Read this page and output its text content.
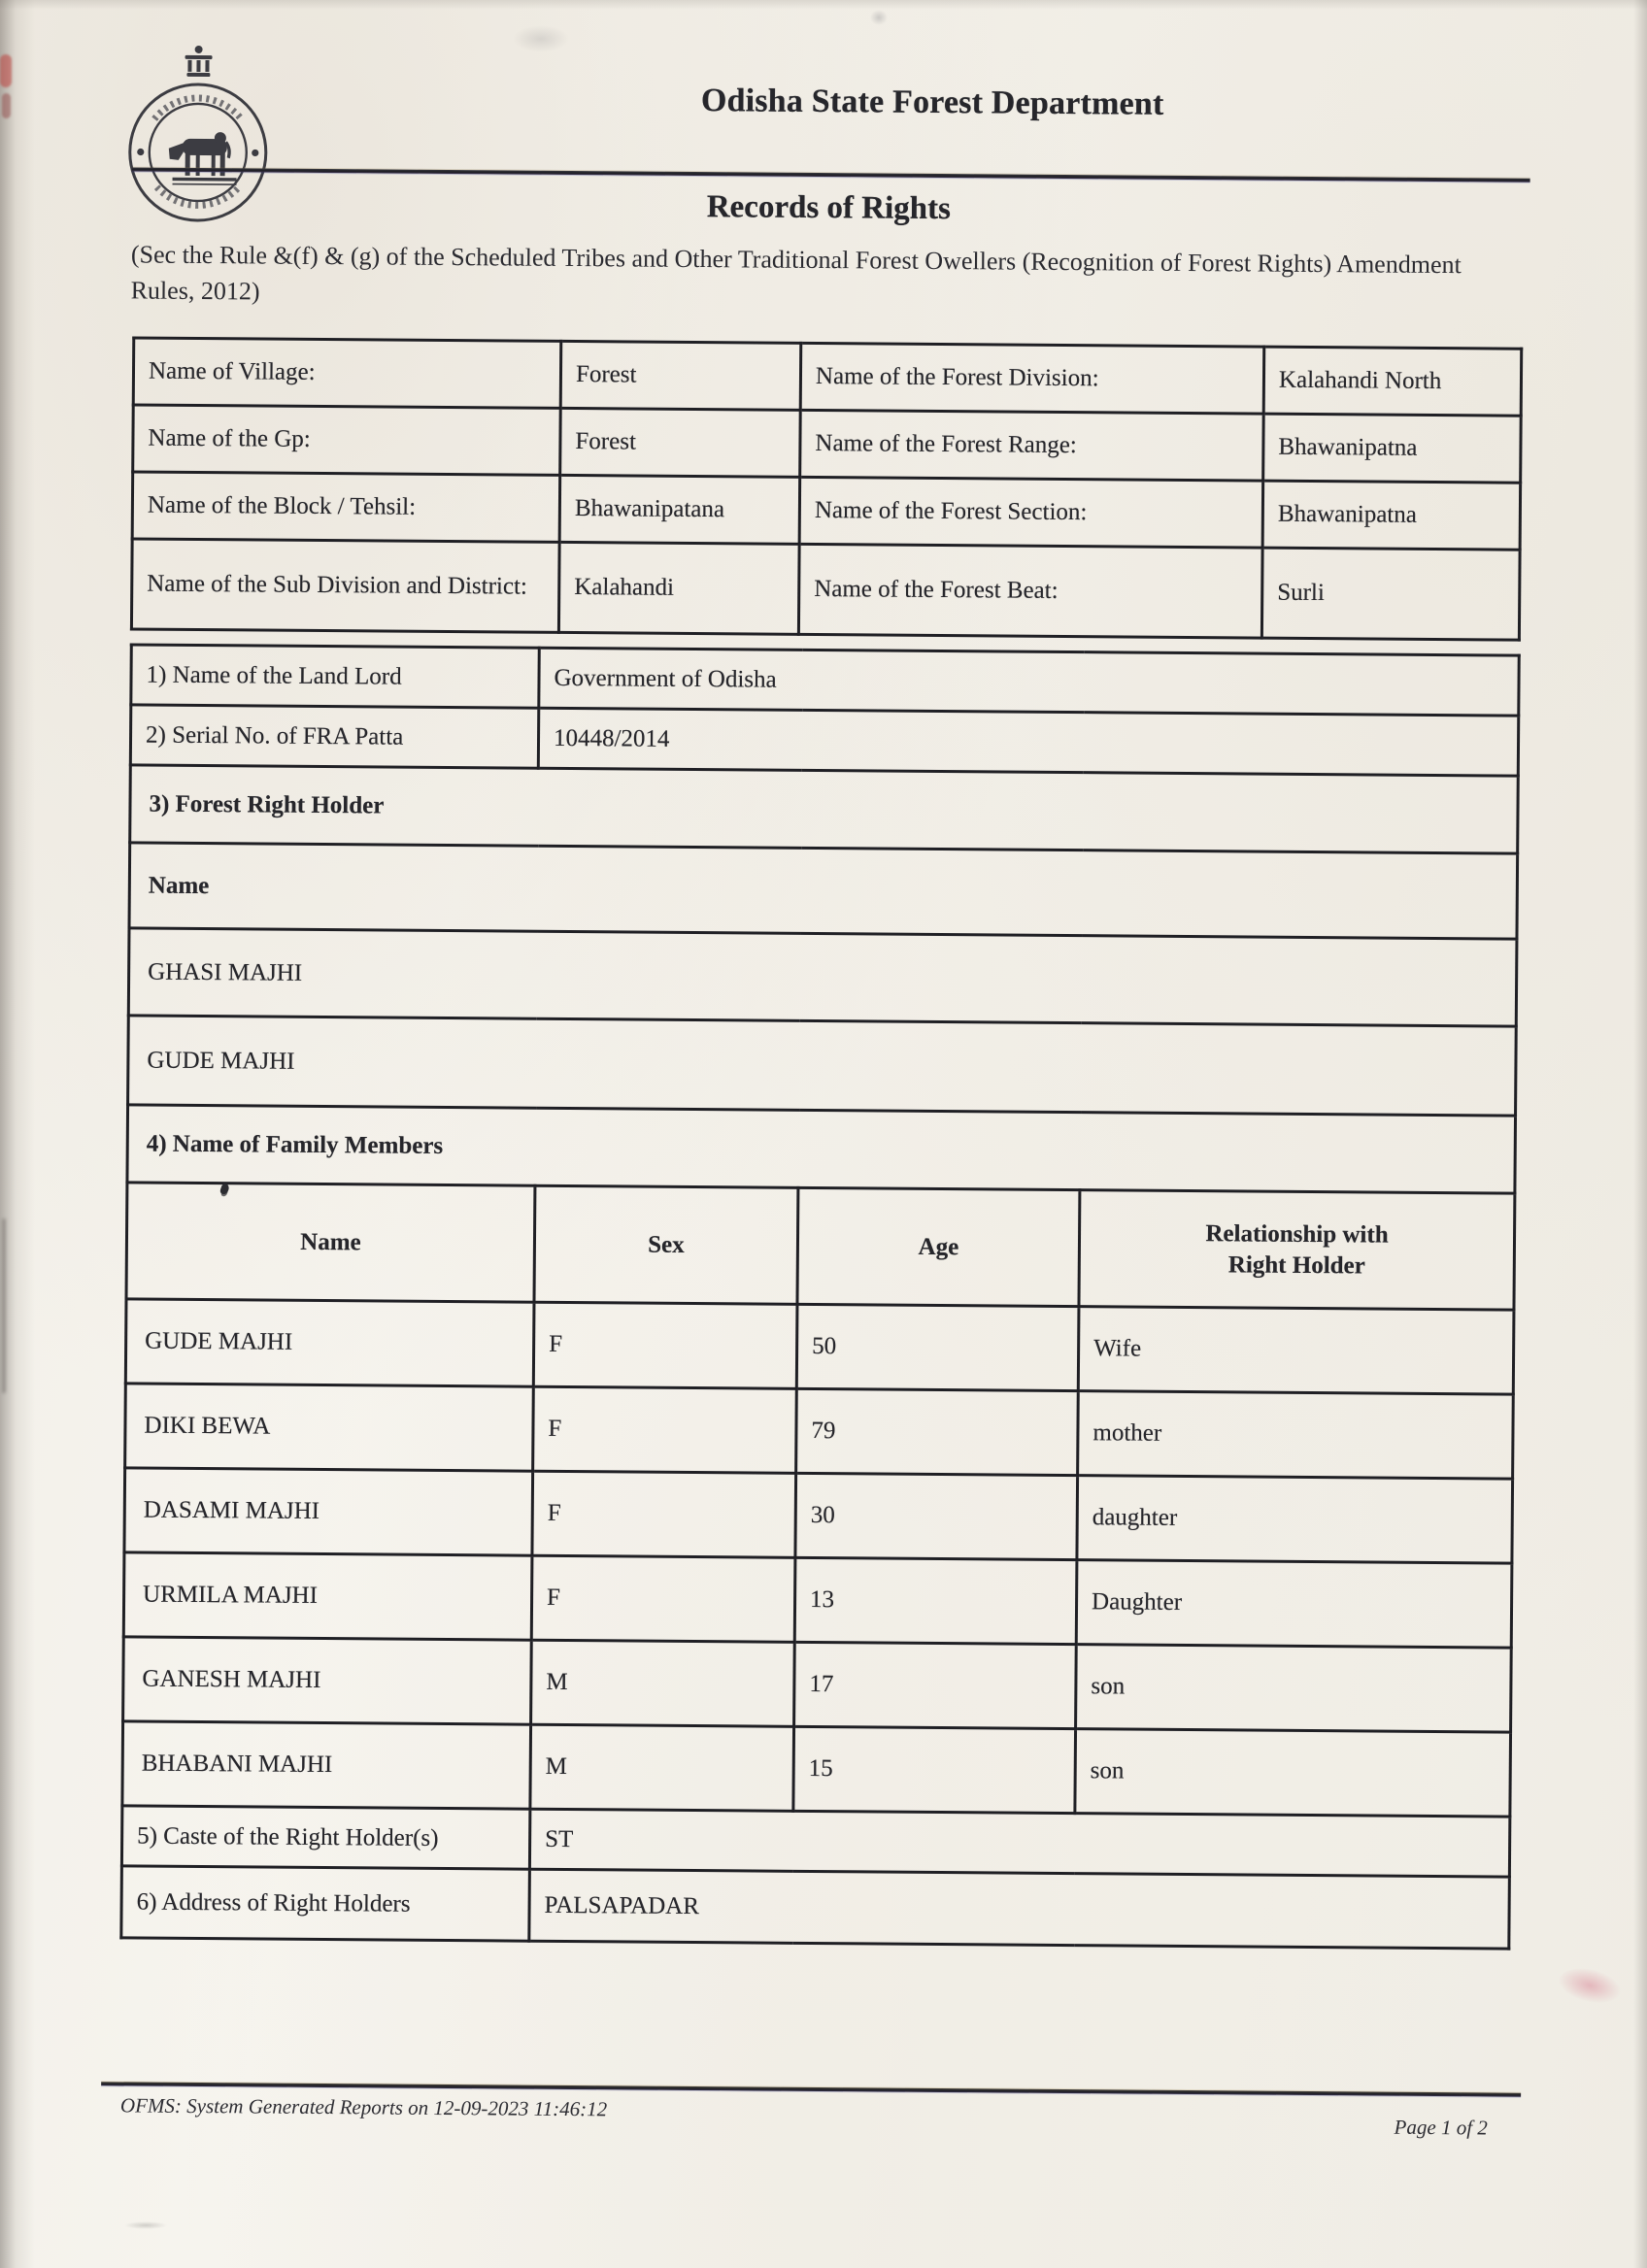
Odisha State Forest Department
Records of Rights
(Sec the Rule &(f) & (g) of the Scheduled Tribes and Other Traditional Forest Owellers (Recognition of Forest Rights) Amendment Rules, 2012)
Name of Village:	Forest	Name of the Forest Division:	Kalahandi North
Name of the Gp:	Forest	Name of the Forest Range:	Bhawanipatna
Name of the Block / Tehsil:	Bhawanipatana	Name of the Forest Section:	Bhawanipatna
Name of the Sub Division and District:	Kalahandi	Name of the Forest Beat:	Surli
1) Name of the Land Lord	Government of Odisha		
2) Serial No. of FRA Patta	10448/2014		
3) Forest Right Holder			
Name			
GHASI MAJHI			
GUDE MAJHI			
4) Name of Family Members			
Name	Sex	Age	Relationship with Right Holder
GUDE MAJHI	F	50	Wife
DIKI BEWA	F	79	mother
DASAMI MAJHI	F	30	daughter
URMILA MAJHI	F	13	Daughter
GANESH MAJHI	M	17	son
BHABANI MAJHI	M	15	son
5) Caste of the Right Holder(s)	ST		
6) Address of Right Holders	PALSAPADAR		
OFMS: System Generated Reports on 12-09-2023 11:46:12
Page 1 of 2
